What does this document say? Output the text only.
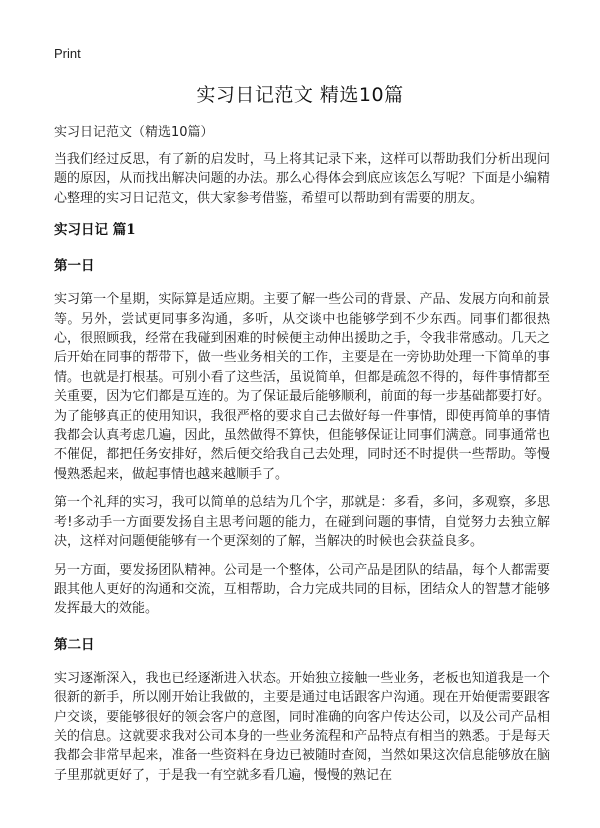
Print
实习日记范文 精选10篇
实习日记范文（精选10篇）

当我们经过反思，有了新的启发时，马上将其记录下来，这样可以帮助我们分析出现问题的原因，从而找出解决问题的办法。那么心得体会到底应该怎么写呢？下面是小编精心整理的实习日记范文，供大家参考借鉴，希望可以帮助到有需要的朋友。

实习日记 篇1
第一日

实习第一个星期，实际算是适应期。主要了解一些公司的背景、产品、发展方向和前景等。另外，尝试更同事多沟通，多听，从交谈中也能够学到不少东西。同事们都很热心，很照顾我，经常在我碰到困难的时候便主动伸出援助之手，令我非常感动。几天之后开始在同事的帮带下，做一些业务相关的工作，主要是在一旁协助处理一下简单的事情。也就是打根基。可别小看了这些活，虽说简单，但都是疏忽不得的，每件事情都至关重要，因为它们都是互连的。为了保证最后能够顺利，前面的每一步基础都要打好。为了能够真正的使用知识，我很严格的要求自己去做好每一件事情，即使再简单的事情我都会认真考虑几遍，因此，虽然做得不算快，但能够保证让同事们满意。同事通常也不催促，都把任务安排好，然后便交给我自己去处理，同时还不时提供一些帮助。等慢慢熟悉起来，做起事情也越来越顺手了。

第一个礼拜的实习，我可以简单的总结为几个字，那就是：多看，多问，多观察，多思考!多动手一方面要发扬自主思考问题的能力，在碰到问题的事情，自觉努力去独立解决，这样对问题便能够有一个更深刻的了解，当解决的时候也会获益良多。

另一方面，要发扬团队精神。公司是一个整体，公司产品是团队的结晶，每个人都需要跟其他人更好的沟通和交流，互相帮助，合力完成共同的目标，团结众人的智慧才能够发挥最大的效能。

第二日

实习逐渐深入，我也已经逐渐进入状态。开始独立接触一些业务，老板也知道我是一个很新的新手，所以刚开始让我做的，主要是通过电话跟客户沟通。现在开始便需要跟客户交谈，要能够很好的领会客户的意图，同时准确的向客户传达公司，以及公司产品相关的信息。这就要求我对公司本身的一些业务流程和产品特点有相当的熟悉。于是每天我都会非常早起来，准备一些资料在身边已被随时查阅，当然如果这次信息能够放在脑子里那就更好了，于是我一有空就多看几遍，慢慢的熟记在
